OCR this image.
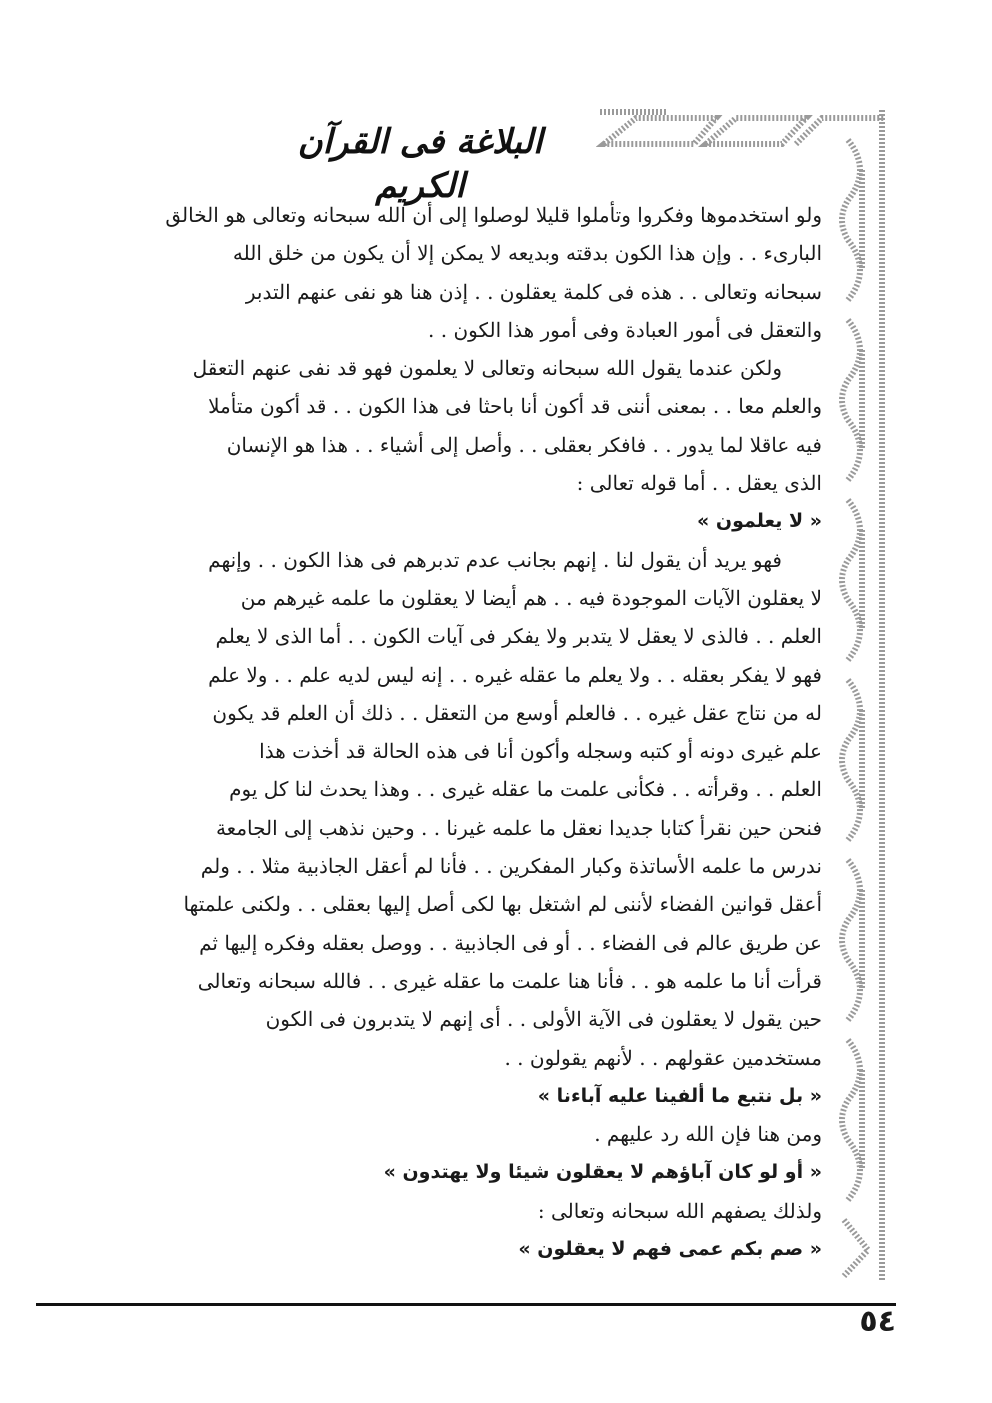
البلاغة فى القرآن الكريم
ولو استخدموها وفكروا وتأملوا قليلا لوصلوا إلى أن الله سبحانه وتعالى هو الخالق
البارىء . . وإن هذا الكون بدقته وبديعه لا يمكن إلا أن يكون من خلق الله
سبحانه وتعالى . . هذه فى كلمة يعقلون . . إذن هنا هو نفى عنهم التدبر
والتعقل فى أمور العبادة وفى أمور هذا الكون . .
ولكن عندما يقول الله سبحانه وتعالى لا يعلمون فهو قد نفى عنهم التعقل
والعلم معا . . بمعنى أننى قد أكون أنا باحثا فى هذا الكون . . قد أكون متأملا
فيه عاقلا لما يدور . . فافكر بعقلى . . وأصل إلى أشياء . . هذا هو الإنسان
الذى يعقل . . أما قوله تعالى :
« لا يعلمون »
فهو يريد أن يقول لنا . إنهم بجانب عدم تدبرهم فى هذا الكون . . وإنهم
لا يعقلون الآيات الموجودة فيه . . هم أيضا لا يعقلون ما علمه غيرهم من
العلم . . فالذى لا يعقل لا يتدبر ولا يفكر فى آيات الكون . . أما الذى لا يعلم
فهو لا يفكر بعقله . . ولا يعلم ما عقله غيره . . إنه ليس لديه علم . . ولا علم
له من نتاج عقل غيره . . فالعلم أوسع من التعقل . . ذلك أن العلم قد يكون
علم غيرى دونه أو كتبه وسجله وأكون أنا فى هذه الحالة قد أخذت هذا
العلم . . وقرأته . . فكأنى علمت ما عقله غيرى . . وهذا يحدث لنا كل يوم
فنحن حين نقرأ كتابا جديدا نعقل ما علمه غيرنا . . وحين نذهب إلى الجامعة
ندرس ما علمه الأساتذة وكبار المفكرين . . فأنا لم أعقل الجاذبية مثلا . . ولم
أعقل قوانين الفضاء لأننى لم اشتغل بها لكى أصل إليها بعقلى . . ولكنى علمتها
عن طريق عالم فى الفضاء . . أو فى الجاذبية . . ووصل بعقله وفكره إليها ثم
قرأت أنا ما علمه هو . . فأنا هنا علمت ما عقله غيرى . . فالله سبحانه وتعالى
حين يقول لا يعقلون فى الآية الأولى . . أى إنهم لا يتدبرون فى الكون
مستخدمين عقولهم . . لأنهم يقولون . .
« بل نتبع ما ألفينا عليه آباءنا »
ومن هنا فإن الله رد عليهم .
« أو لو كان آباؤهم لا يعقلون شيئا ولا يهتدون »
ولذلك يصفهم الله سبحانه وتعالى :
« صم بكم عمى فهم لا يعقلون »
٥٤
